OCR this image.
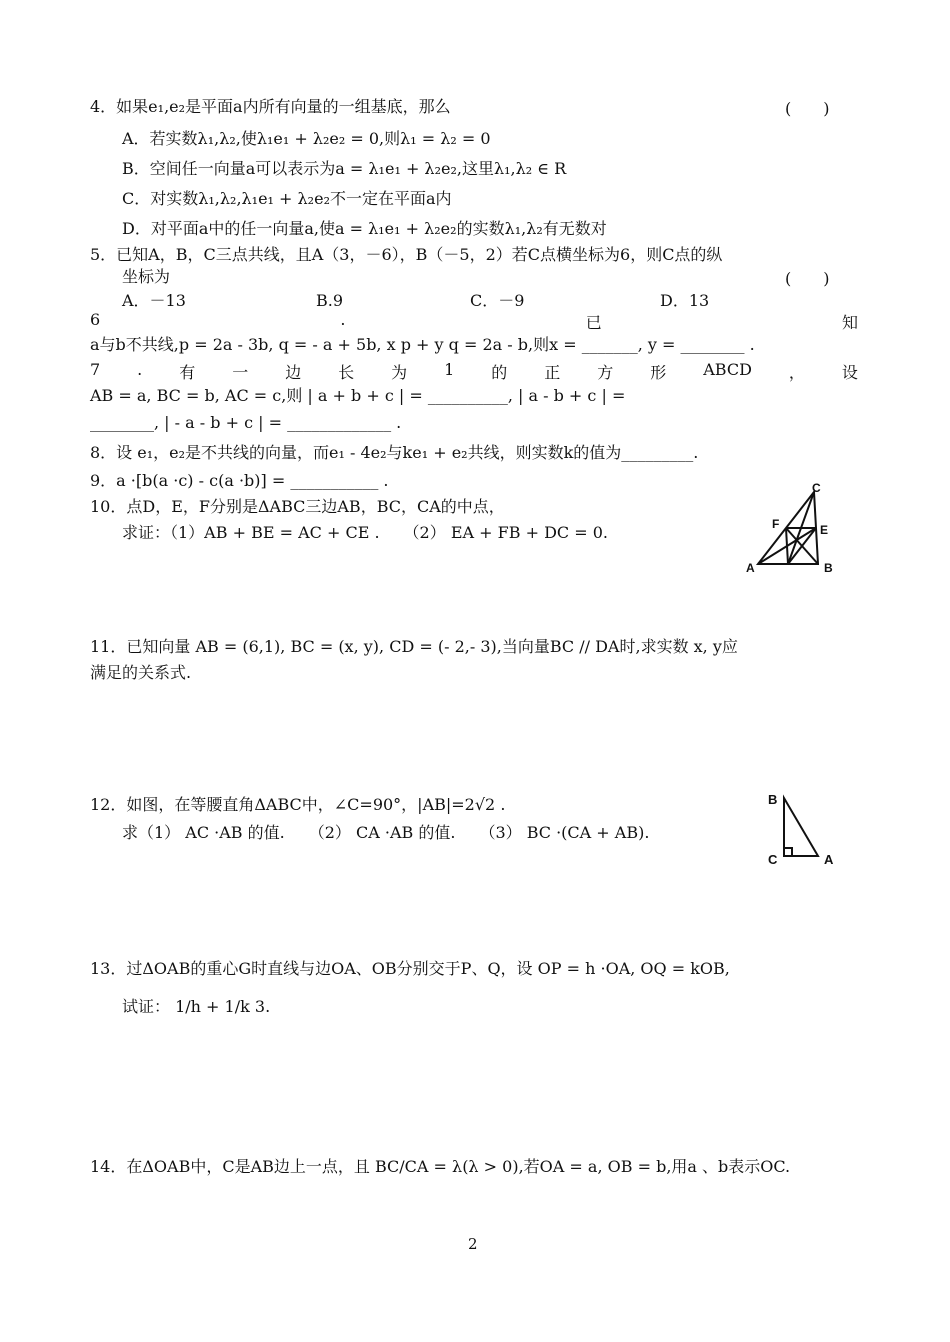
4．如果e₁,e₂是平面a内所有向量的一组基底，那么	(　　)
A．若实数λ₁,λ₂,使λ₁e₁ + λ₂e₂ = 0,则λ₁ = λ₂ = 0
B．空间任一向量a可以表示为a = λ₁e₁ + λ₂e₂,这里λ₁,λ₂ ∈ R
C．对实数λ₁,λ₂,λ₁e₁ + λ₂e₂不一定在平面a内
D．对平面a中的任一向量a,使a = λ₁e₁ + λ₂e₂的实数λ₁,λ₂有无数对
5．已知A，B，C三点共线，且A（3，－6），B（－5，2）若C点横坐标为6，则C点的纵
坐标为	(　　)
A．－13	B.9	C．－9	D．13
6	.	已	知
a与b不共线,p = 2a - 3b, q = - a + 5b, x p + y q = 2a - b,则x = _______, y = ________ .
7 . 有 一 边 长 为 1 的 正 方 形 ABCD ， 设
AB = a, BC = b, AC = c,则 | a + b + c | = __________, | a - b + c | =
________, | - a - b + c | = _____________ .
8．设 e₁，e₂是不共线的向量，而e₁ - 4e₂与ke₁ + e₂共线，则实数k的值为_________.
9．a ·[b(a ·c) - c(a ·b)] = ___________ .
10．点D，E，F分别是ΔABC三边AB，BC，CA的中点，
求证：（1）AB + BE = AC + CE .　　（2） EA + FB + DC = 0.
C
F	E
A	B
11．已知向量 AB = (6,1), BC = (x, y), CD = (- 2,- 3),当向量BC // DA时,求实数 x, y应
满足的关系式.
12．如图，在等腰直角ΔABC中，∠C=90°，|AB|=2√2 .
求（1） AC ·AB 的值.　　（2） CA ·AB 的值.　　（3） BC ·(CA + AB).
B
C	A
13．过ΔOAB的重心G时直线与边OA、OB分别交于P、Q，设 OP = h ·OA, OQ = kOB,
试证： 1/h + 1/k 3.
14．在ΔOAB中，C是AB边上一点，且 BC/CA = λ(λ > 0),若OA = a, OB = b,用a 、b表示OC.
2
